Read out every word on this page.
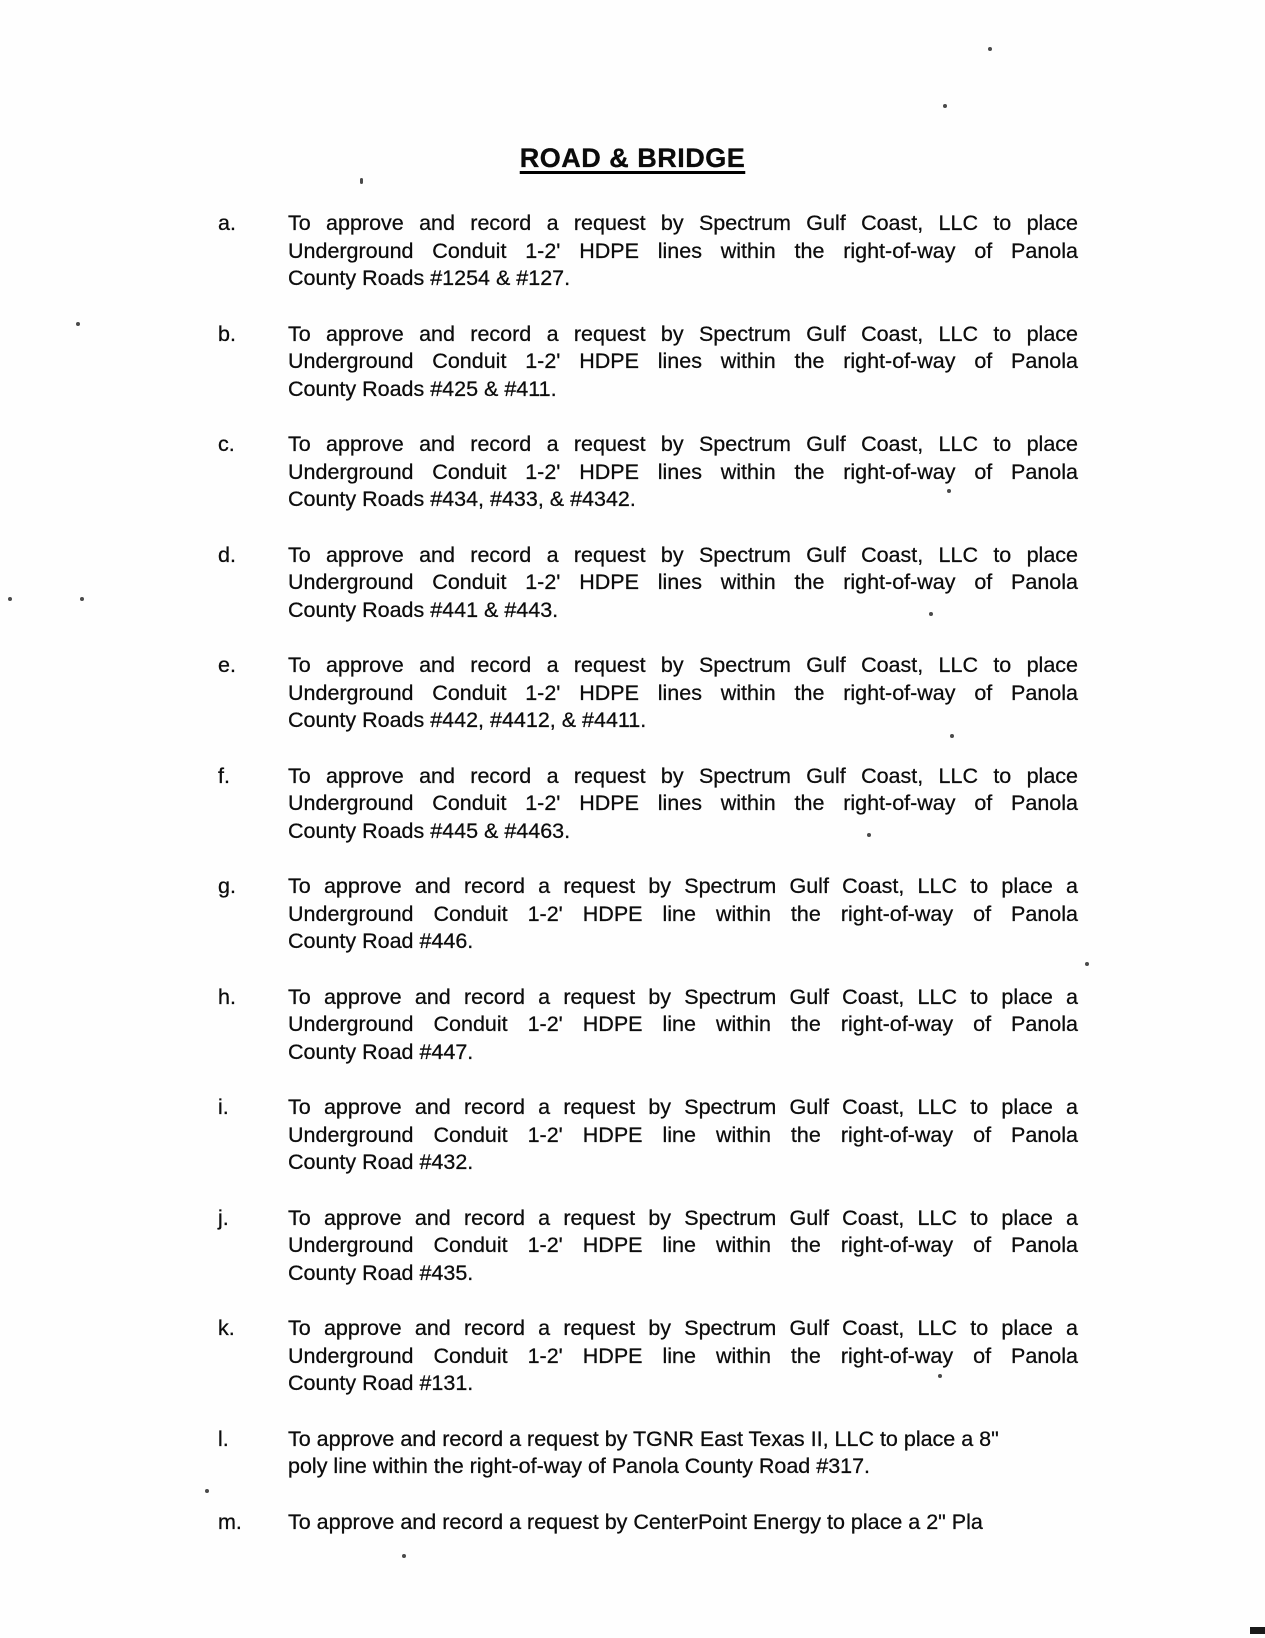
ROAD & BRIDGE
a.	To approve and record a request by Spectrum Gulf Coast, LLC to place
Underground Conduit 1-2' HDPE lines within the right-of-way of Panola
County Roads #1254 & #127.
b.	To approve and record a request by Spectrum Gulf Coast, LLC to place
Underground Conduit 1-2' HDPE lines within the right-of-way of Panola
County Roads #425 & #411.
c.	To approve and record a request by Spectrum Gulf Coast, LLC to place
Underground Conduit 1-2' HDPE lines within the right-of-way of Panola
County Roads #434, #433, & #4342.
d.	To approve and record a request by Spectrum Gulf Coast, LLC to place
Underground Conduit 1-2' HDPE lines within the right-of-way of Panola
County Roads #441 & #443.
e.	To approve and record a request by Spectrum Gulf Coast, LLC to place
Underground Conduit 1-2' HDPE lines within the right-of-way of Panola
County Roads #442, #4412, & #4411.
f.	To approve and record a request by Spectrum Gulf Coast, LLC to place
Underground Conduit 1-2' HDPE lines within the right-of-way of Panola
County Roads #445 & #4463.
g.	To approve and record a request by Spectrum Gulf Coast, LLC to place a
Underground Conduit 1-2' HDPE line within the right-of-way of Panola
County Road #446.
h.	To approve and record a request by Spectrum Gulf Coast, LLC to place a
Underground Conduit 1-2' HDPE line within the right-of-way of Panola
County Road #447.
i.	To approve and record a request by Spectrum Gulf Coast, LLC to place a
Underground Conduit 1-2' HDPE line within the right-of-way of Panola
County Road #432.
j.	To approve and record a request by Spectrum Gulf Coast, LLC to place a
Underground Conduit 1-2' HDPE line within the right-of-way of Panola
County Road #435.
k.	To approve and record a request by Spectrum Gulf Coast, LLC to place a
Underground Conduit 1-2' HDPE line within the right-of-way of Panola
County Road #131.
l.	To approve and record a request by TGNR East Texas II, LLC to place a 8"
poly line within the right-of-way of Panola County Road #317.
m.	To approve and record a request by CenterPoint Energy to place a 2" Pla
